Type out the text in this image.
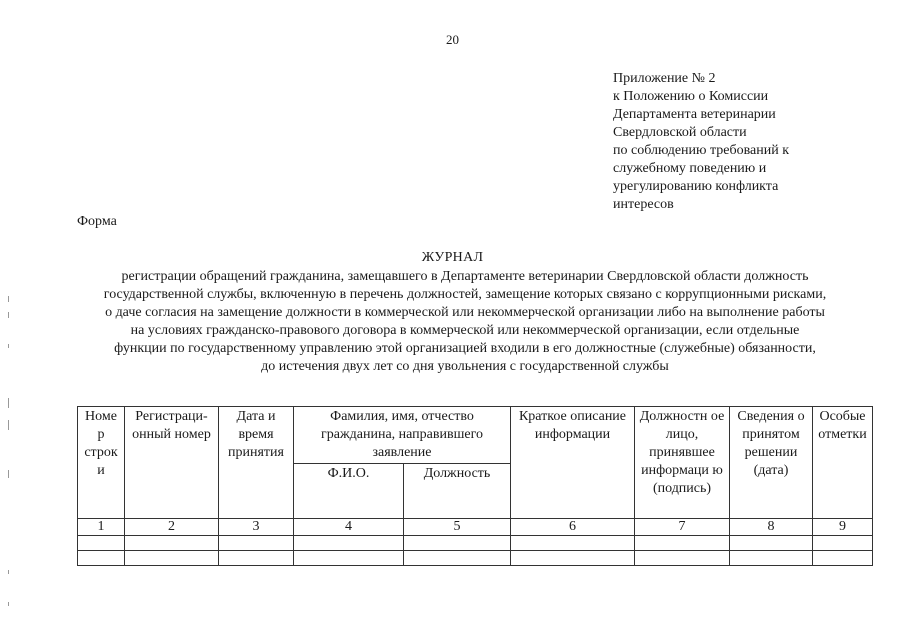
20
Приложение № 2
к Положению о Комиссии
Департамента ветеринарии
Свердловской области
по соблюдению требований к
служебному поведению и
урегулированию конфликта
интересов
Форма
ЖУРНАЛ
регистрации обращений гражданина, замещавшего в Департаменте ветеринарии Свердловской области должность
государственной службы, включенную в перечень должностей, замещение которых связано с коррупционными рисками,
о даче согласия на замещение должности в коммерческой или некоммерческой организации либо на выполнение работы
на условиях гражданско-правового договора в коммерческой или некоммерческой организации, если отдельные
функции по государственному управлению этой организацией входили в его должностные (служебные) обязанности,
до истечения двух лет со дня увольнения с государственной службы
Номе р строк и	Регистраци- онный номер	Дата и время принятия	Фамилия, имя, отчество гражданина, направившего заявление		Краткое описание информации	Должностн ое лицо, принявшее информаци ю (подпись)	Сведения о принятом решении (дата)	Особые отметки
			Ф.И.О.	Должность				
1	2	3	4	5	6	7	8	9
